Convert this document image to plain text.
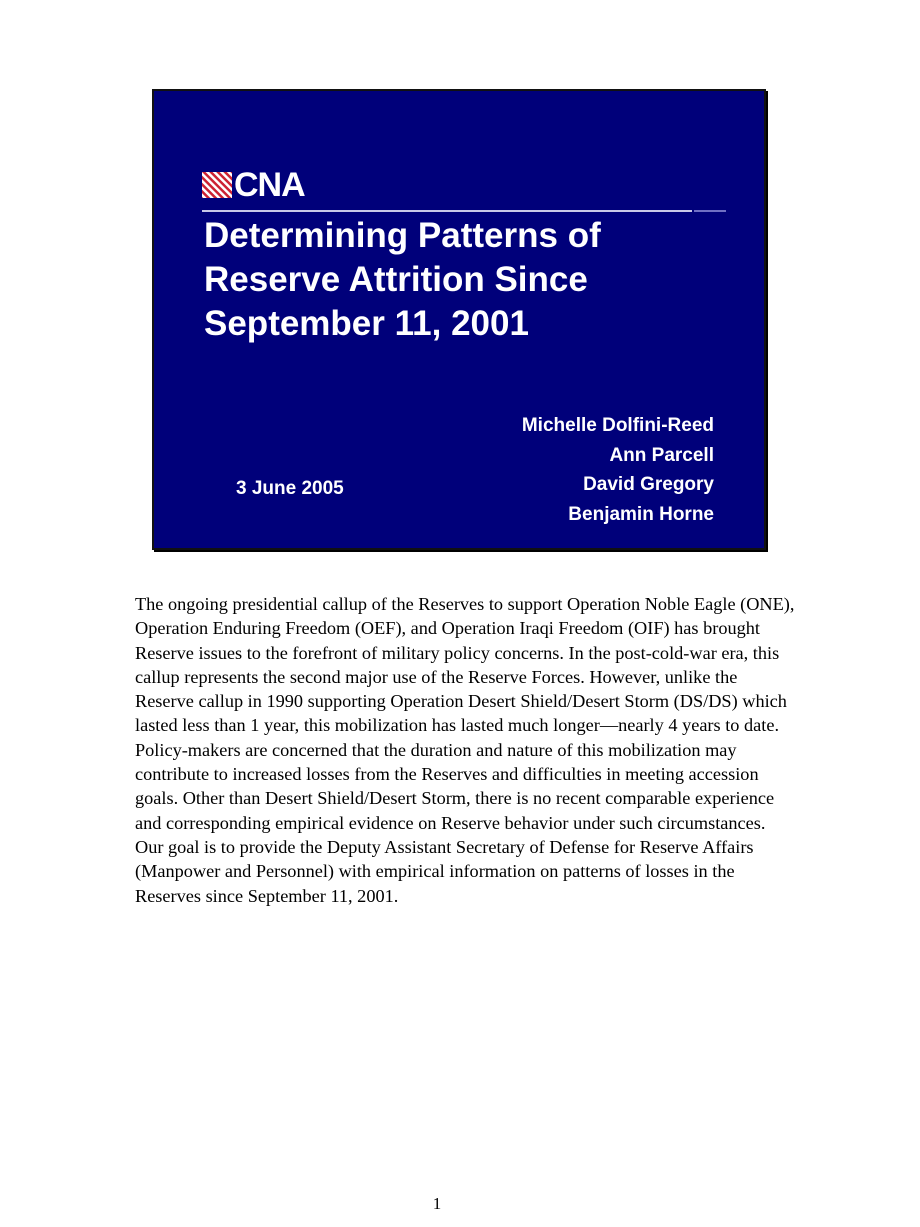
CNA
Determining Patterns of
Reserve Attrition Since
September 11, 2001
Michelle Dolfini-Reed
Ann Parcell
David Gregory
Benjamin Horne
3 June 2005

The ongoing presidential callup of the Reserves to support Operation Noble Eagle (ONE), Operation Enduring Freedom (OEF), and Operation Iraqi Freedom (OIF) has brought Reserve issues to the forefront of military policy concerns. In the post-cold-war era, this callup represents the second major use of the Reserve Forces. However, unlike the Reserve callup in 1990 supporting Operation Desert Shield/Desert Storm (DS/DS) which lasted less than 1 year, this mobilization has lasted much longer—nearly 4 years to date. Policy-makers are concerned that the duration and nature of this mobilization may contribute to increased losses from the Reserves and difficulties in meeting accession goals. Other than Desert Shield/Desert Storm, there is no recent comparable experience and corresponding empirical evidence on Reserve behavior under such circumstances. Our goal is to provide the Deputy Assistant Secretary of Defense for Reserve Affairs (Manpower and Personnel) with empirical information on patterns of losses in the Reserves since September 11, 2001.

1
